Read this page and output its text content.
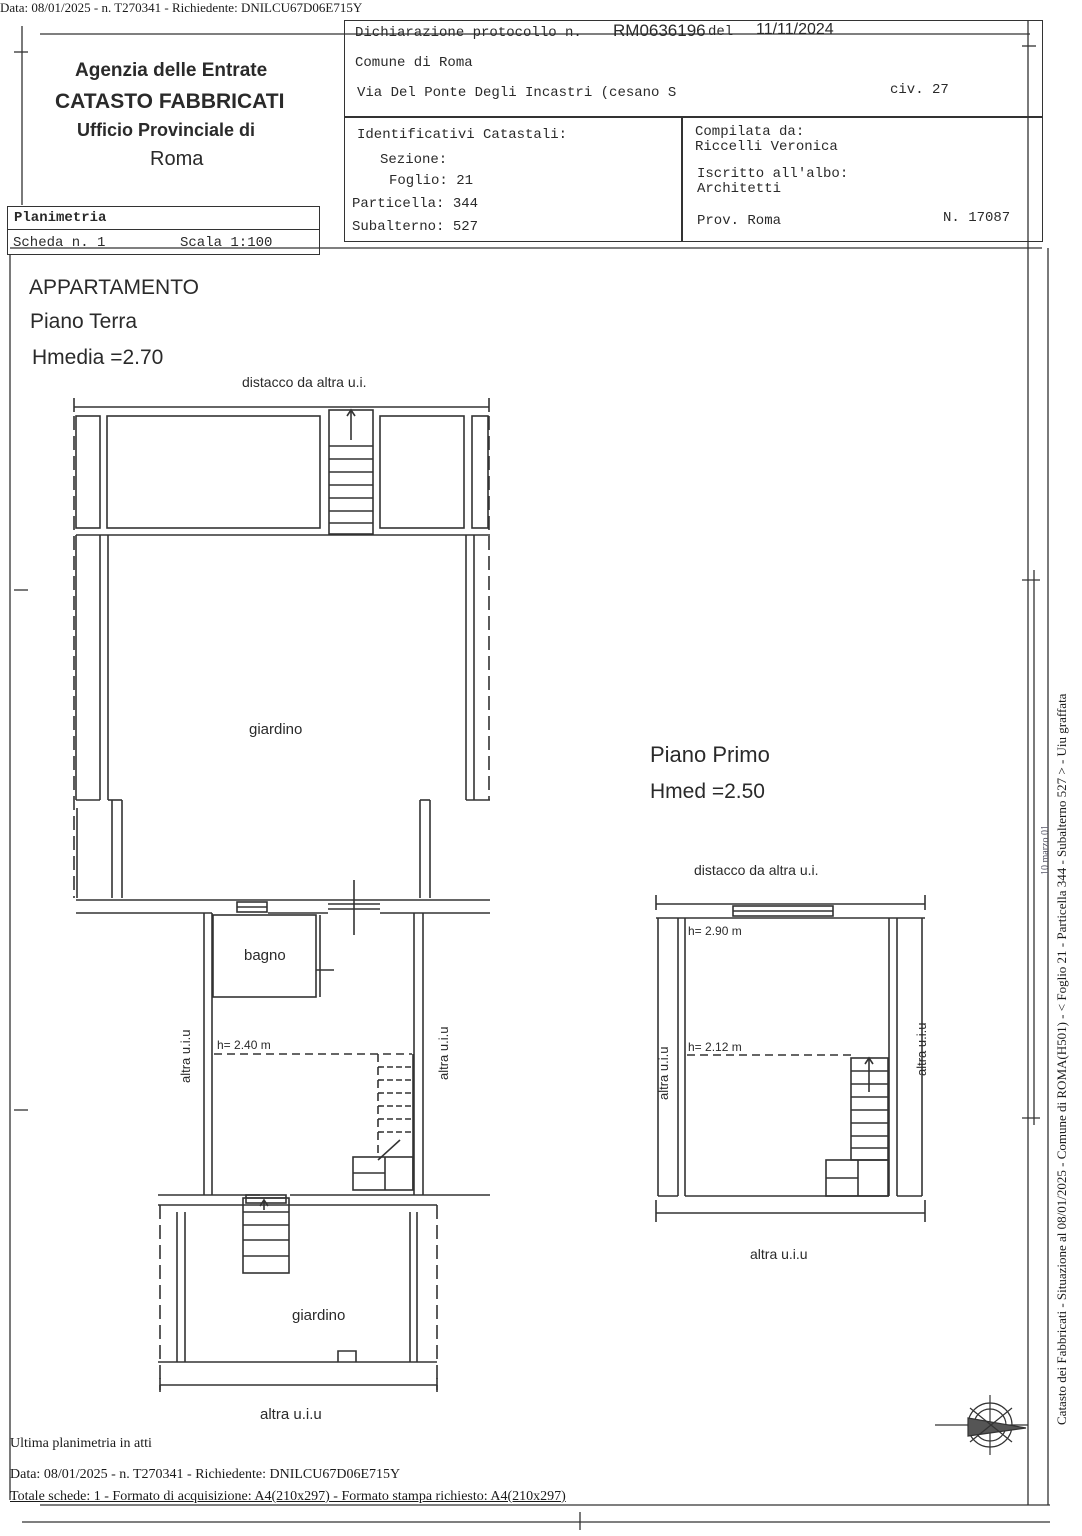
Data: 08/01/2025 - n. T270341 - Richiedente: DNILCU67D06E715Y
Agenzia delle Entrate
CATASTO FABBRICATI
Ufficio Provinciale di
Roma
Dichiarazione protocollo n. RM0636196 del 11/11/2024
Comune di Roma
Via Del Ponte Degli Incastri (cesano S	civ. 27
Identificativi Catastali:
Sezione:
Foglio: 21
Particella: 344
Subalterno: 527
Compilata da:
Riccelli Veronica
Iscritto all'albo:
Architetti
Prov. Roma	N. 17087
Planimetria
Scheda n. 1	Scala 1:100
APPARTAMENTO
Piano Terra
Hmedia =2.70
Piano Primo
Hmed =2.50
distacco da altra u.i.
giardino
bagno
h= 2.40 m
altra u.i.u	altra u.i.u
giardino
altra u.i.u
distacco da altra u.i.
h= 2.90 m
h= 2.12 m
altra u.i.u	altra u.i.u
altra u.i.u
Ultima planimetria in atti
Data: 08/01/2025 - n. T270341 - Richiedente: DNILCU67D06E715Y
Totale schede: 1 - Formato di acquisizione: A4(210x297) - Formato stampa richiesto: A4(210x297)
Catasto dei Fabbricati - Situazione al 08/01/2025 - Comune di ROMA(H501) - < Foglio 21 - Particella 344 - Subalterno 527 > - Uiu graffata
10 marzo 01
